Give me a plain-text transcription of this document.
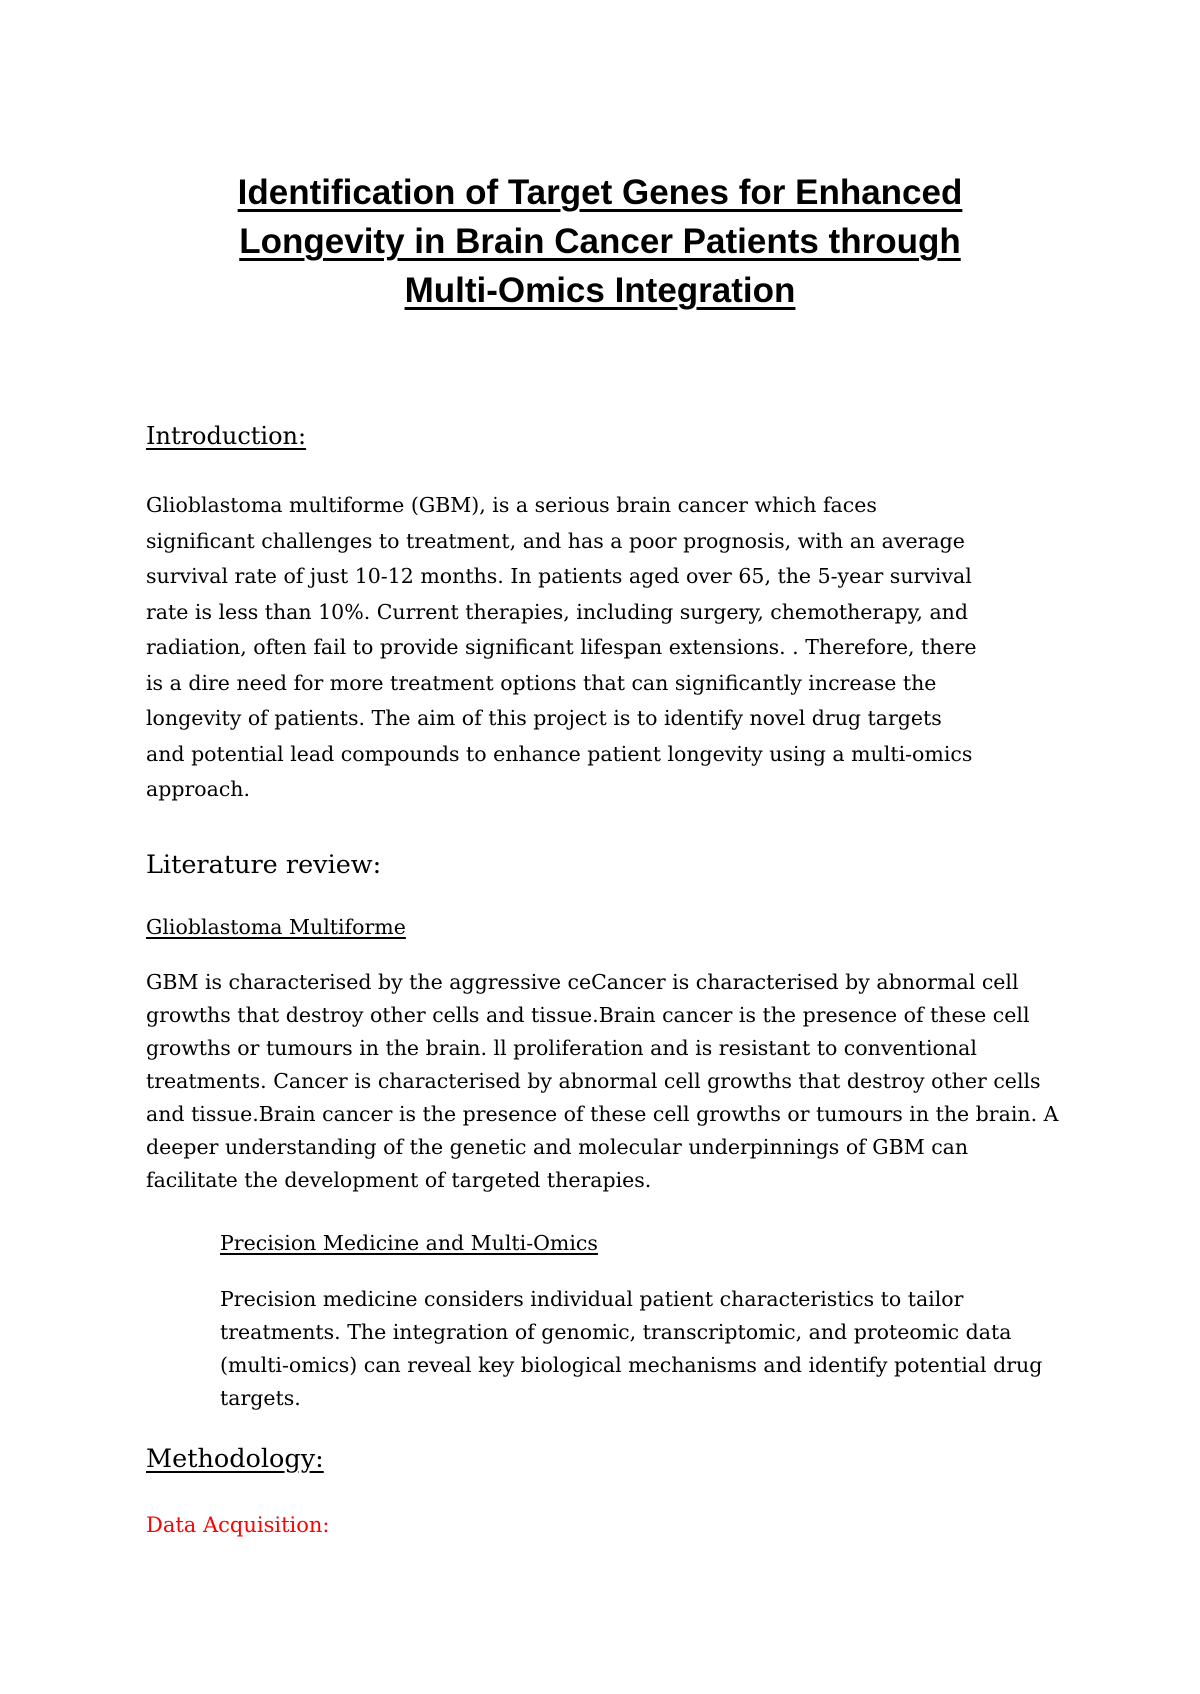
Identification of Target Genes for Enhanced
Longevity in Brain Cancer Patients through
Multi-Omics Integration
Introduction:

Glioblastoma multiforme (GBM), is a serious brain cancer which faces
significant challenges to treatment, and has a poor prognosis, with an average
survival rate of just 10-12 months. In patients aged over 65, the 5-year survival
rate is less than 10%. Current therapies, including surgery, chemotherapy, and
radiation, often fail to provide significant lifespan extensions. . Therefore, there
is a dire need for more treatment options that can significantly increase the
longevity of patients. The aim of this project is to identify novel drug targets
and potential lead compounds to enhance patient longevity using a multi-omics
approach.

Literature review:
Glioblastoma Multiforme

GBM is characterised by the aggressive ceCancer is characterised by abnormal cell
growths that destroy other cells and tissue.Brain cancer is the presence of these cell
growths or tumours in the brain. ll proliferation and is resistant to conventional
treatments. Cancer is characterised by abnormal cell growths that destroy other cells
and tissue.Brain cancer is the presence of these cell growths or tumours in the brain. A
deeper understanding of the genetic and molecular underpinnings of GBM can
facilitate the development of targeted therapies.

Precision Medicine and Multi-Omics

Precision medicine considers individual patient characteristics to tailor
treatments. The integration of genomic, transcriptomic, and proteomic data
(multi-omics) can reveal key biological mechanisms and identify potential drug
targets.

Methodology:
Data Acquisition:
